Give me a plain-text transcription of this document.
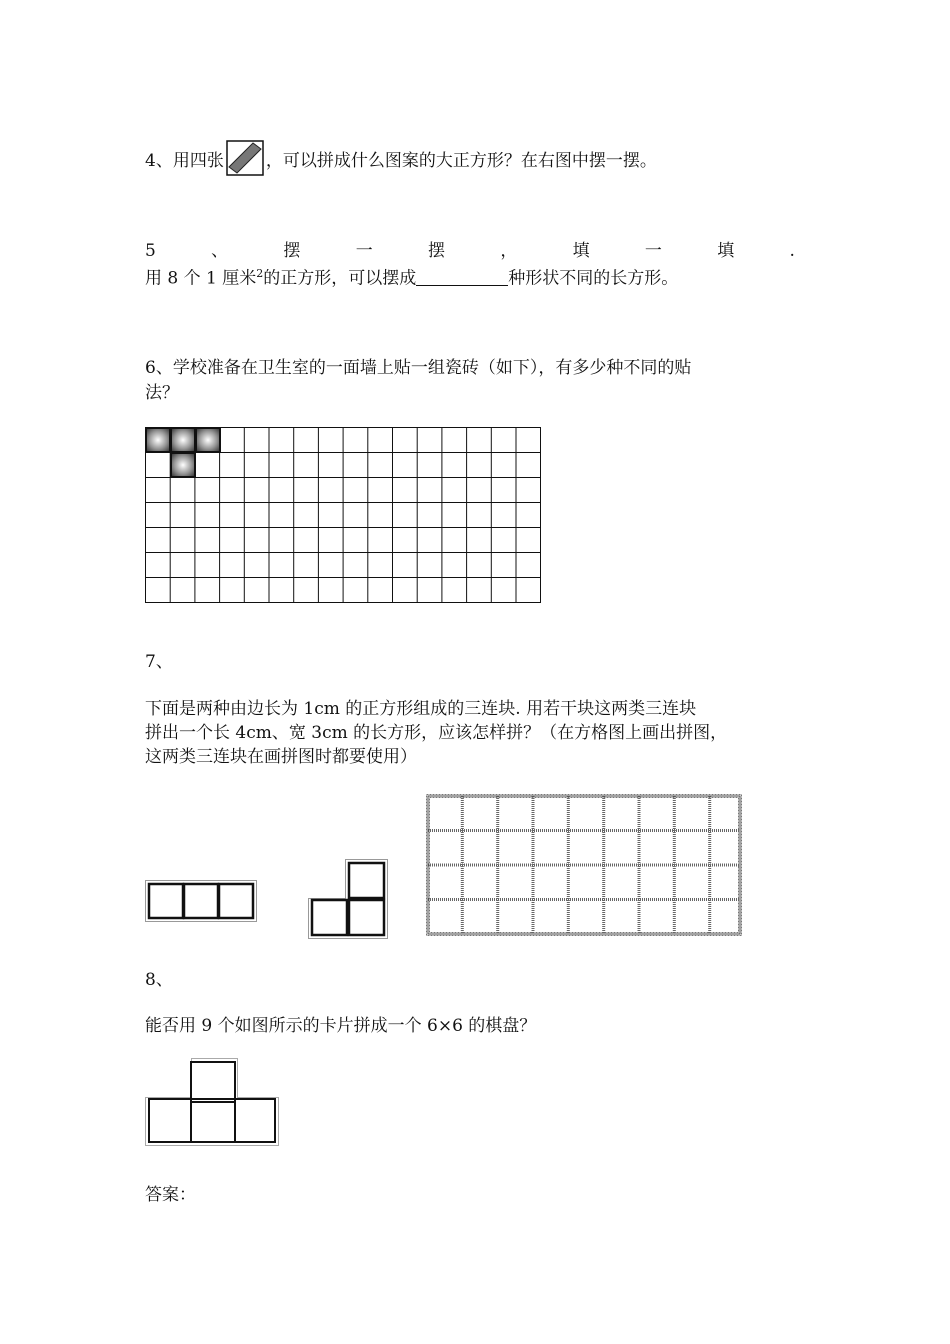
4、用四张 ，可以拼成什么图案的大正方形？在右图中摆一摆。
5	、	摆	一	摆	，	填	一	填	.
用 8 个 1 厘米$^2$的正方形，可以摆成	种形状不同的长方形。
6、学校准备在卫生室的一面墙上贴一组瓷砖（如下），有多少种不同的贴
法？
7、
下面是两种由边长为 1cm 的正方形组成的三连块. 用若干块这两类三连块
拼出一个长 4cm、宽 3cm 的长方形，应该怎样拼？（在方格图上画出拼图，
这两类三连块在画拼图时都要使用）
8、
能否用 9 个如图所示的卡片拼成一个 6×6 的棋盘？
答案：
